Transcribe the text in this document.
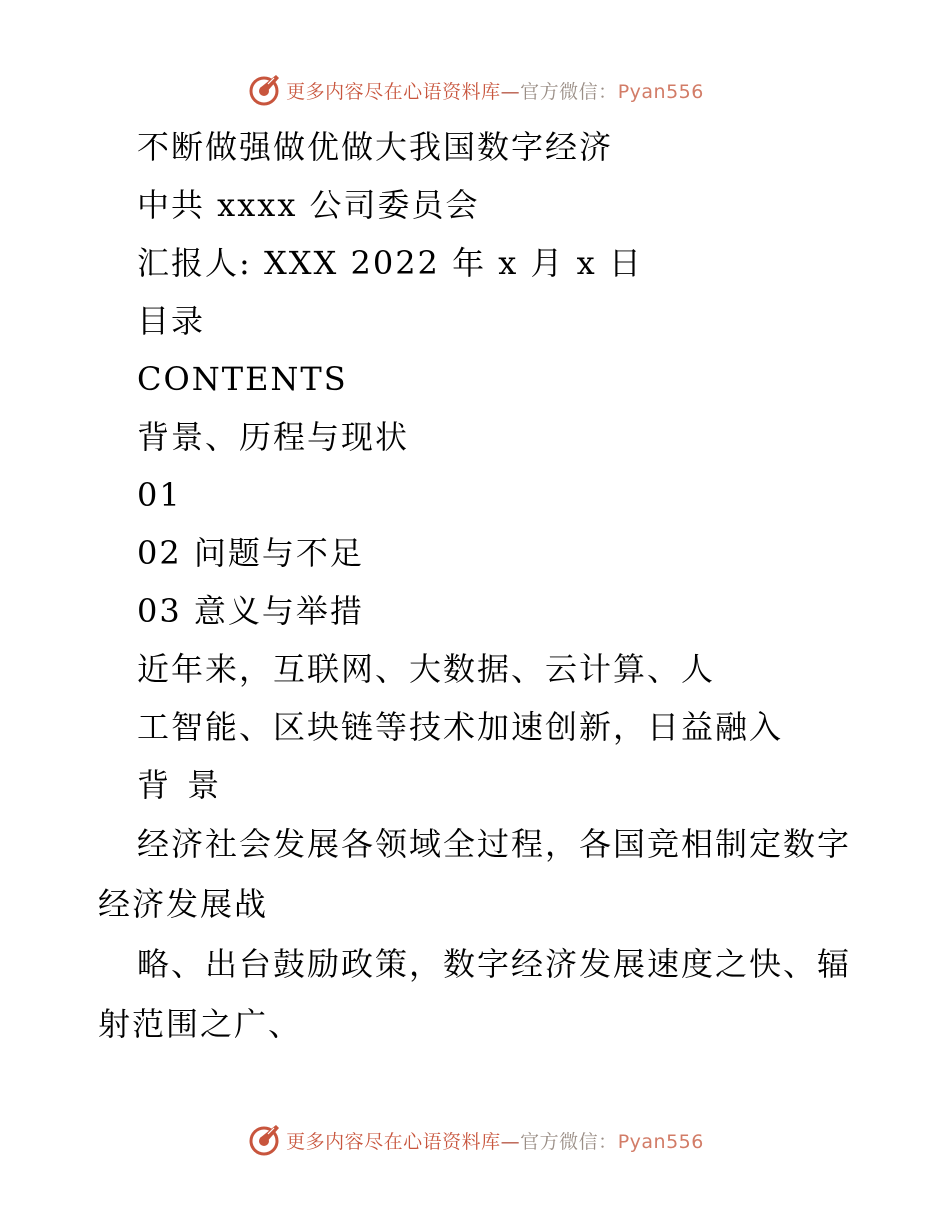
更多内容尽在心语资料库—官方微信：Pyan556
不断做强做优做大我国数字经济
中共 xxxx 公司委员会
汇报人: XXX 2022 年 x 月 x 日
目录
CONTENTS
背景、历程与现状
01
02 问题与不足
03 意义与举措
近年来，互联网、大数据、云计算、人
工智能、区块链等技术加速创新，日益融入
背 景
经济社会发展各领域全过程，各国竞相制定数字经济发展战
略、出台鼓励政策，数字经济发展速度之快、辐射范围之广、
更多内容尽在心语资料库—官方微信：Pyan556
